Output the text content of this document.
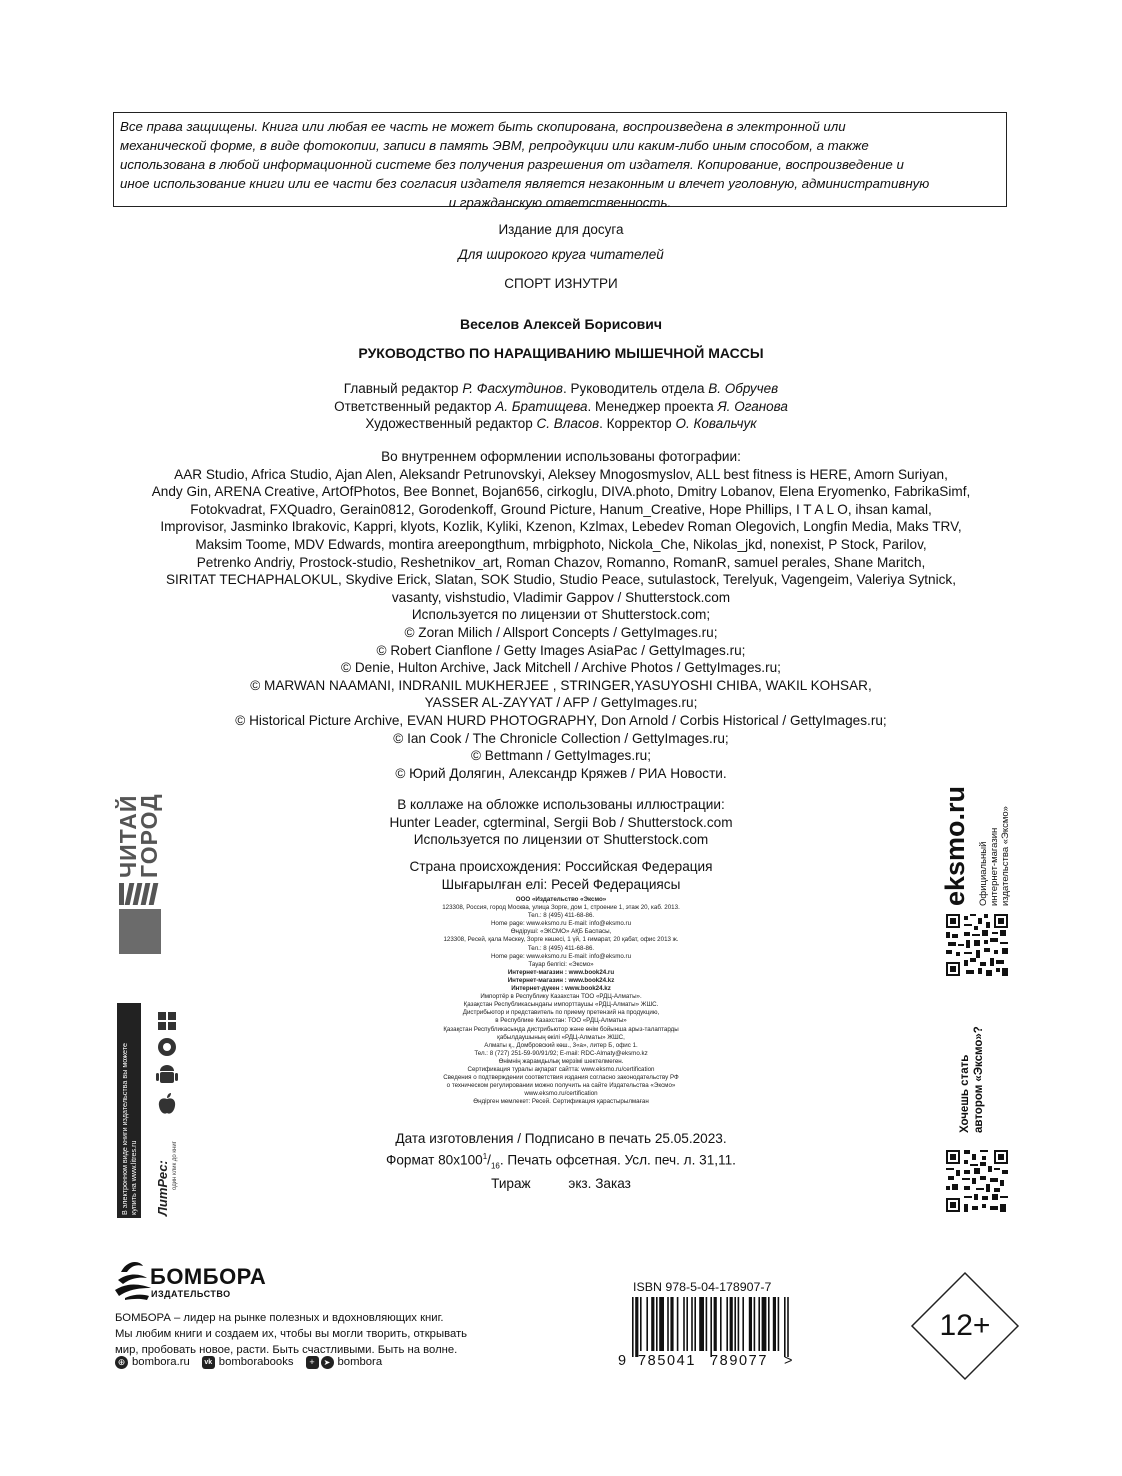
Все права защищены. Книга или любая ее часть не может быть скопирована, воспроизведена в электронной или
механической форме, в виде фотокопии, записи в память ЭВМ, репродукции или каким-либо иным способом, а также
использована в любой информационной системе без получения разрешения от издателя. Копирование, воспроизведение и
иное использование книги или ее части без согласия издателя является незаконным и влечет уголовную, административную
и гражданскую ответственность.
Издание для досуга
Для широкого круга читателей
СПОРТ ИЗНУТРИ
Веселов Алексей Борисович
РУКОВОДСТВО ПО НАРАЩИВАНИЮ МЫШЕЧНОЙ МАССЫ
Главный редактор Р. Фасхутдинов. Руководитель отдела В. Обручев
Ответственный редактор А. Братищева. Менеджер проекта Я. Оганова
Художественный редактор С. Власов. Корректор О. Ковальчук
Во внутреннем оформлении использованы фотографии:
AAR Studio, Africa Studio, Ajan Alen, Aleksandr Petrunovskyi, Aleksey Mnogosmyslov, ALL best fitness is HERE, Amorn Suriyan,
Andy Gin, ARENA Creative, ArtOfPhotos, Bee Bonnet, Bojan656, cirkoglu, DIVA.photo, Dmitry Lobanov, Elena Eryomenko, FabrikaSimf,
Fotokvadrat, FXQuadro, Gerain0812, Gorodenkoff, Ground Picture, Hanum_Creative, Hope Phillips, I T A L O, ihsan kamal,
Improvisor, Jasminko Ibrakovic, Kappri, klyots, Kozlik, Kyliki, Kzenon, Kzlmax, Lebedev Roman Olegovich, Longfin Media, Maks TRV,
Maksim Toome, MDV Edwards, montira areepongthum, mrbigphoto, Nickola_Che, Nikolas_jkd, nonexist, P Stock, Parilov,
Petrenko Andriy, Prostock-studio, Reshetnikov_art, Roman Chazov, Romanno, RomanR, samuel perales, Shane Maritch,
SIRITAT TECHAPHALOKUL, Skydive Erick, Slatan, SOK Studio, Studio Peace, sutulastock, Terelyuk, Vagengeim, Valeriya Sytnick,
vasanty, vishstudio, Vladimir Gappov / Shutterstock.com
Используется по лицензии от Shutterstock.com;
© Zoran Milich / Allsport Concepts / GettyImages.ru;
© Robert Cianflone / Getty Images AsiaPac / GettyImages.ru;
© Denie, Hulton Archive, Jack Mitchell / Archive Photos / GettyImages.ru;
© MARWAN NAAMANI, INDRANIL MUKHERJEE , STRINGER,YASUYOSHI CHIBA, WAKIL KOHSAR,
YASSER AL-ZAYYAT / AFP / GettyImages.ru;
© Historical Picture Archive, EVAN HURD PHOTOGRAPHY, Don Arnold / Corbis Historical / GettyImages.ru;
© Ian Cook / The Chronicle Collection / GettyImages.ru;
© Bettmann / GettyImages.ru;
© Юрий Долягин, Александр Кряжев / РИА Новости.
В коллаже на обложке использованы иллюстрации:
Hunter Leader, cgterminal, Sergii Bob / Shutterstock.com
Используется по лицензии от Shutterstock.com
Страна происхождения: Российская Федерация
Шығарылған елі: Ресей Федерациясы
ООО «Издательство «Эксмо»
123308, Россия, город Москва, улица Зорге, дом 1, строение 1, этаж 20, каб. 2013.
Тел.: 8 (495) 411-68-86.
Home page: www.eksmo.ru E-mail: info@eksmo.ru
Өндіруші: «ЭКСМО» АҚБ Баспасы,
123308, Ресей, қала Мәскеу, Зорге көшесі, 1 үй, 1 ғимарат, 20 қабат, офис 2013 ж.
Тел.: 8 (495) 411-68-86.
Home page: www.eksmo.ru E-mail: info@eksmo.ru
Тауар белгісі: «Эксмо»
Интернет-магазин : www.book24.ru
Интернет-магазин : www.book24.kz
Интернет-дүкен : www.book24.kz
Импортёр в Республику Казахстан ТОО «РДЦ-Алматы».
Қазақстан Республикасындағы импорттаушы «РДЦ-Алматы» ЖШС.
Дистрибьютор и представитель по приему претензий на продукцию,
в Республике Казахстан: ТОО «РДЦ-Алматы»
Қазақстан Республикасында дистрибьютор және өнім бойынша арыз-талаптарды
қабылдаушының өкілі «РДЦ-Алматы» ЖШС,
Алматы қ., Домбровский көш., 3«а», литер Б, офис 1.
Тел.: 8 (727) 251-59-90/91/92; E-mail: RDC-Almaty@eksmo.kz
Өнімнің жарамдылық мерзімі шектелмеген.
Сертификация туралы ақпарат сайтта: www.eksmo.ru/certification
Сведения о подтверждении соответствия издания согласно законодательству РФ
о техническом регулировании можно получить на сайте Издательства «Эксмо»
www.eksmo.ru/certification
Өндірген мемлекет: Ресей. Сертификация қарастырылмаған
Дата изготовления / Подписано в печать 25.05.2023.
Формат $80x100^1/_{16}$. Печать офсетная. Усл. печ. л. 31,11.
Тираж          экз. Заказ
ЧИТАЙ
ГОРОД
В электронном виде книги издательства вы можете купить на www.litres.ru ЛитРес: один клик до книг
eksmo.ru Официальный интернет-магазин издательства «Эксмо»
Хочешь стать автором «Эксмо»?
БОМБОРА
ИЗДАТЕЛЬСТВО
БОМБОРА – лидер на рынке полезных и вдохновляющих книг.
Мы любим книги и создаем их, чтобы вы могли творить, открывать
мир, пробовать новое, расти. Быть счастливыми. Быть на волне.
⊕ bombora.ru	vk bomborabooks	+	➤ bombora
ISBN 978-5-04-178907-7
9 785041 789077	>
12+
